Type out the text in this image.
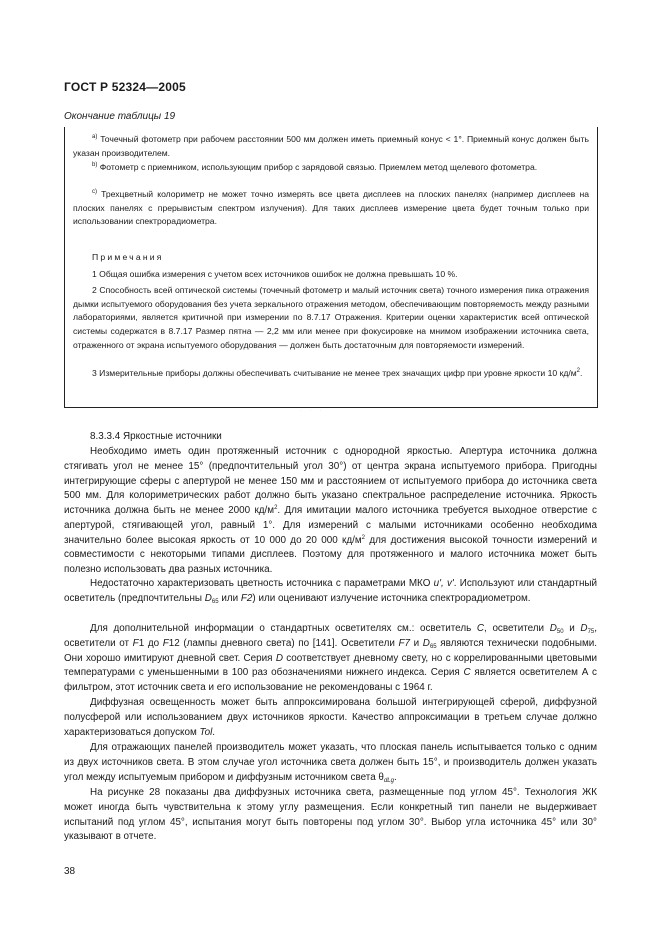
ГОСТ Р 52324—2005
Окончание таблицы 19

$^{а)}$ Точечный фотометр при рабочем расстоянии 500 мм должен иметь приемный конус < 1°. Приемный конус должен быть указан производителем.

$^{b)}$ Фотометр с приемником, использующим прибор с зарядовой связью. Приемлем метод щелевого фотометра.

$^{с)}$ Трехцветный колориметр не может точно измерять все цвета дисплеев на плоских панелях (например дисплеев на плоских панелях с прерывистым спектром излучения). Для таких дисплеев измерение цвета будет точным только при использовании спектрорадиометра.

Примечания

1 Общая ошибка измерения с учетом всех источников ошибок не должна превышать 10 %.

2 Способность всей оптической системы (точечный фотометр и малый источник света) точного измерения пика отражения дымки испытуемого оборудования без учета зеркального отражения методом, обеспечивающим повторяемость между разными лабораториями, является критичной при измерении по 8.7.17 Отражения. Критерии оценки характеристик всей оптической системы содержатся в 8.7.17 Размер пятна — 2,2 мм или менее при фокусировке на мнимом изображении источника света, отраженного от экрана испытуемого оборудования — должен быть достаточным для повторяемости измерений.

3 Измерительные приборы должны обеспечивать считывание не менее трех значащих цифр при уровне яркости 10 $кд/м^2$.

· · ·

8.3.3.4 Яркостные источники

Необходимо иметь один протяженный источник с однородной яркостью. Апертура источника должна стягивать угол не менее 15° (предпочтительный угол 30°) от центра экрана испытуемого прибора. Пригодны интегрирующие сферы с апертурой не менее 150 мм и расстоянием от испытуемого прибора до источника света 500 мм. Для колориметрических работ должно быть указано спектральное распределение источника. Яркость источника должна быть не менее 2000 $кд/м^2$. Для имитации малого источника требуется выходное отверстие с апертурой, стягивающей угол, равный 1°. Для измерений с малыми источниками особенно необходима значительно более высокая яркость от 10 000 до 20 000 $кд/м^2$ для достижения высокой точности измерений и совместимости с некоторыми типами дисплеев. Поэтому для протяженного и малого источника может быть полезно использовать два разных источника.

Недостаточно характеризовать цветность источника с параметрами МКО u', v'. Используют или стандартный осветитель (предпочтительны $D_{65}$ или F2) или оценивают излучение источника спектрорадиометром.

Для дополнительной информации о стандартных осветителях см.: осветитель С, осветители $D_{50}$ и $D_{75}$, осветители от F1 до F12 (лампы дневного света) по [141]. Осветители F7 и $D_{65}$ являются технически подобными. Они хорошо имитируют дневной свет. Серия D соответствует дневному свету, но с коррелированными цветовыми температурами с уменьшенными в 100 раз обозначениями нижнего индекса. Серия С является осветителем А с фильтром, этот источник света и его использование не рекомендованы с 1964 г.

Диффузная освещенность может быть аппроксимирована большой интегрирующей сферой, диффузной полусферой или использованием двух источников яркости. Качество аппроксимации в третьем случае должно характеризоваться допуском Tol.

Для отражающих панелей производитель может указать, что плоская панель испытывается только с одним из двух источников света. В этом случае угол источника света должен быть 15°, и производитель должен указать угол между испытуемым прибором и диффузным источником света $\theta_{dLg}$.

На рисунке 28 показаны два диффузных источника света, размещенные под углом 45°. Технология ЖК может иногда быть чувствительна к этому углу размещения. Если конкретный тип панели не выдерживает испытаний под углом 45°, испытания могут быть повторены под углом 30°. Выбор угла источника 45° или 30° указывают в отчете.

38
